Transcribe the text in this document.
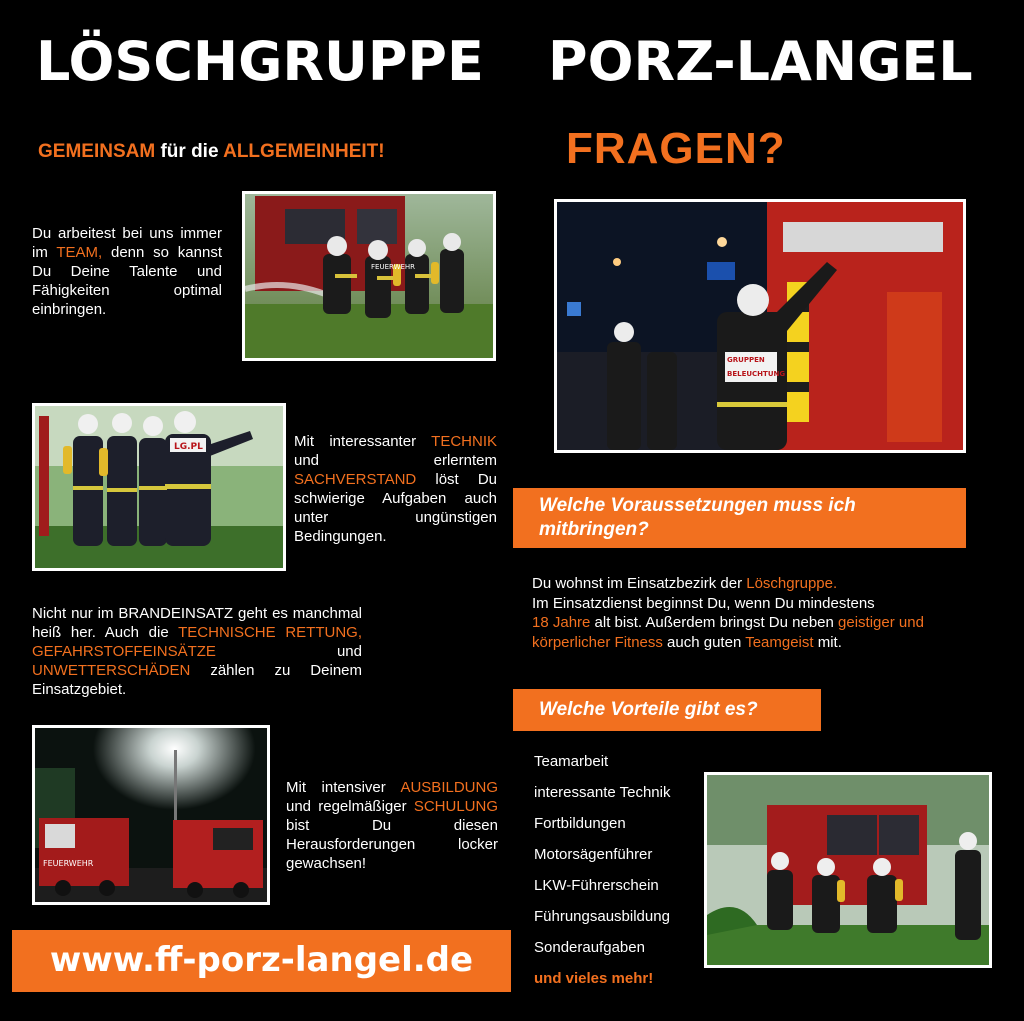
LÖSCHGRUPPE PORZ-LANGEL
GEMEINSAM für die ALLGEMEINHEIT!	FRAGEN?
Du arbeitest bei uns immer im TEAM, denn so kannst Du Deine Talente und Fähigkeiten optimal einbringen.
FEUERWEHR
LG.PL	Mit interessanter TECHNIK und erlerntem SACHVERSTAND löst Du schwierige Aufgaben auch unter ungünstigen Bedingungen.
Nicht nur im BRANDEINSATZ geht es manchmal heiß her. Auch die TECHNISCHE RETTUNG, GEFAHRSTOFFEINSÄTZE und UNWETTERSCHÄDEN zählen zu Deinem Einsatzgebiet.
FEUERWEHR
Mit intensiver AUSBILDUNG und regelmäßiger SCHULUNG bist Du diesen Herausforderungen locker gewachsen!
www.ff-porz-langel.de
GRUPPEN
BELEUCHTUNG
Welche Voraussetzungen muss ich mitbringen?
Du wohnst im Einsatzbezirk der Löschgruppe.
Im Einsatzdienst beginnst Du, wenn Du mindestens
18 Jahre alt bist. Außerdem bringst Du neben geistiger und körperlicher Fitness auch guten Teamgeist mit.
Welche Vorteile gibt es?
Teamarbeit
interessante Technik
Fortbildungen
Motorsägenführer
LKW-Führerschein
Führungsausbildung
Sonderaufgaben
und vieles mehr!
